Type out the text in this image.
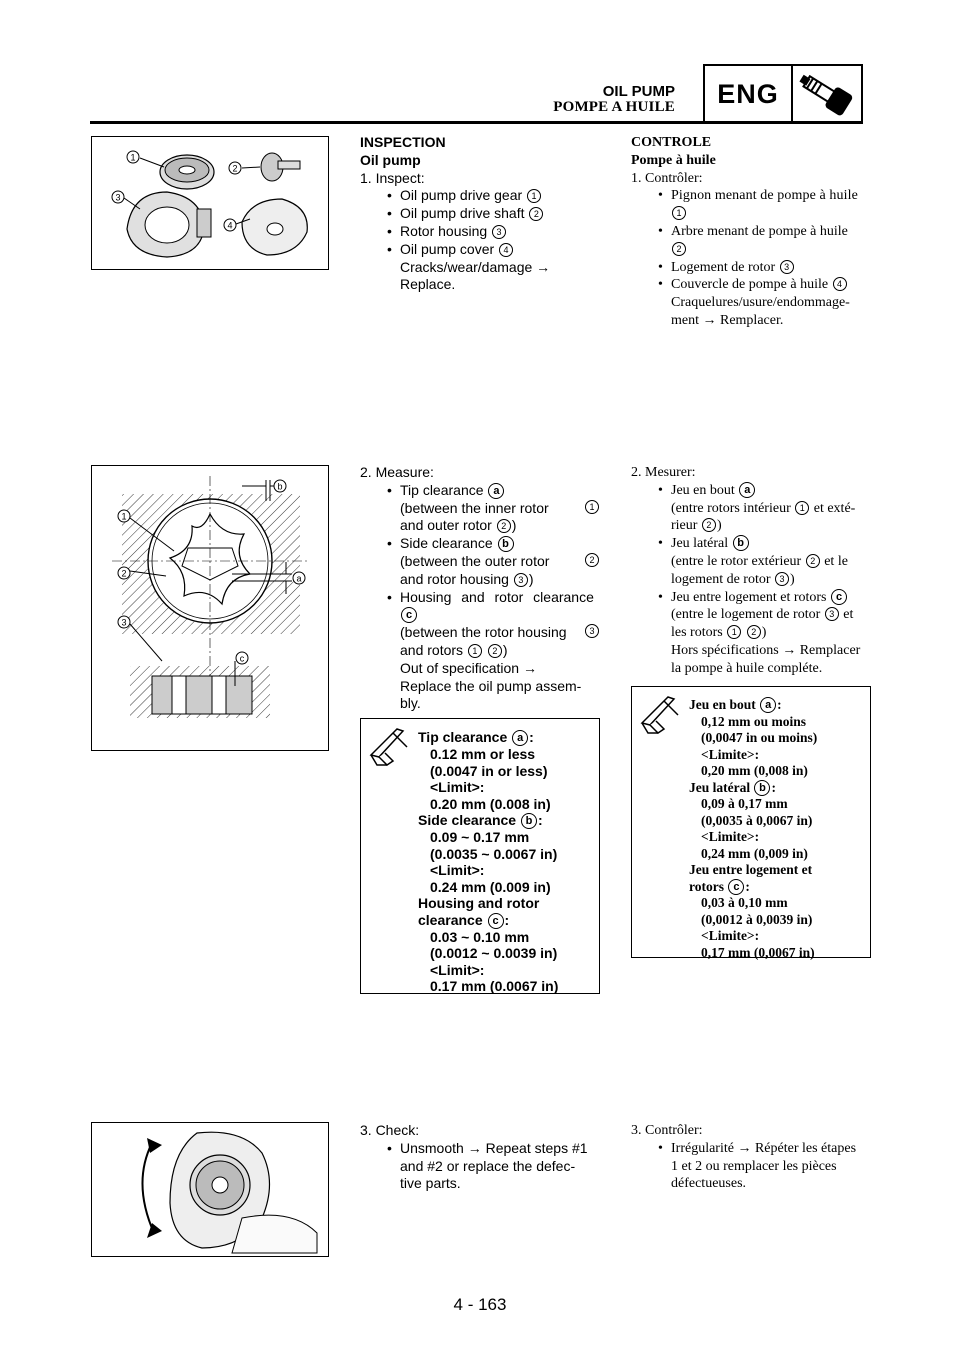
OIL PUMP
POMPE A HUILE	ENG
1
2
3
4
b
a
1
2
3
c
INSPECTION
Oil pump
1. Inspect:
• Oil pump drive gear 1
• Oil pump drive shaft 2
• Rotor housing 3
• Oil pump cover 4
Cracks/wear/damage →
Replace.
2. Measure:
• Tip clearance a
(between the inner rotor	1
and outer rotor 2 )
• Side clearance b
(between the outer rotor	2
and rotor housing 3 )
• Housing and rotor clearance
c
(between the rotor housing	3
and rotors 1 2 )
Out of specification →
Replace the oil pump assem-
bly.
Tip clearance a :
0.12 mm or less
(0.0047 in or less)
<Limit>:
0.20 mm (0.008 in)
Side clearance b :
0.09 ~ 0.17 mm
(0.0035 ~ 0.0067 in)
<Limit>:
0.24 mm (0.009 in)
Housing and rotor
clearance c :
0.03 ~ 0.10 mm
(0.0012 ~ 0.0039 in)
<Limit>:
0.17 mm (0.0067 in)
3. Check:
• Unsmooth → Repeat steps #1
and #2 or replace the defec-
tive parts.
CONTROLE
Pompe à huile
1. Contrôler:
• Pignon menant de pompe à huile
1
• Arbre menant de pompe à huile
2
• Logement de rotor 3
• Couvercle de pompe à huile 4
Craquelures/usure/endommage-
ment → Remplacer.
2. Mesurer:
• Jeu en bout a
(entre rotors intérieur 1 et exté-
rieur 2 )
• Jeu latéral b
(entre le rotor extérieur 2 et le
logement de rotor 3 )
• Jeu entre logement et rotors c
(entre le logement de rotor 3 et
les rotors 1 2 )
Hors spécifications → Remplacer
la pompe à huile compléte.
Jeu en bout a :
0,12 mm ou moins
(0,0047 in ou moins)
<Limite>:
0,20 mm (0,008 in)
Jeu latéral b :
0,09 à 0,17 mm
(0,0035 à 0,0067 in)
<Limite>:
0,24 mm (0,009 in)
Jeu entre logement et
rotors c :
0,03 à 0,10 mm
(0,0012 à 0,0039 in)
<Limite>:
0,17 mm (0,0067 in)
3. Contrôler:
• Irrégularité → Répéter les étapes
1 et 2 ou remplacer les pièces
défectueuses.
4 - 163
